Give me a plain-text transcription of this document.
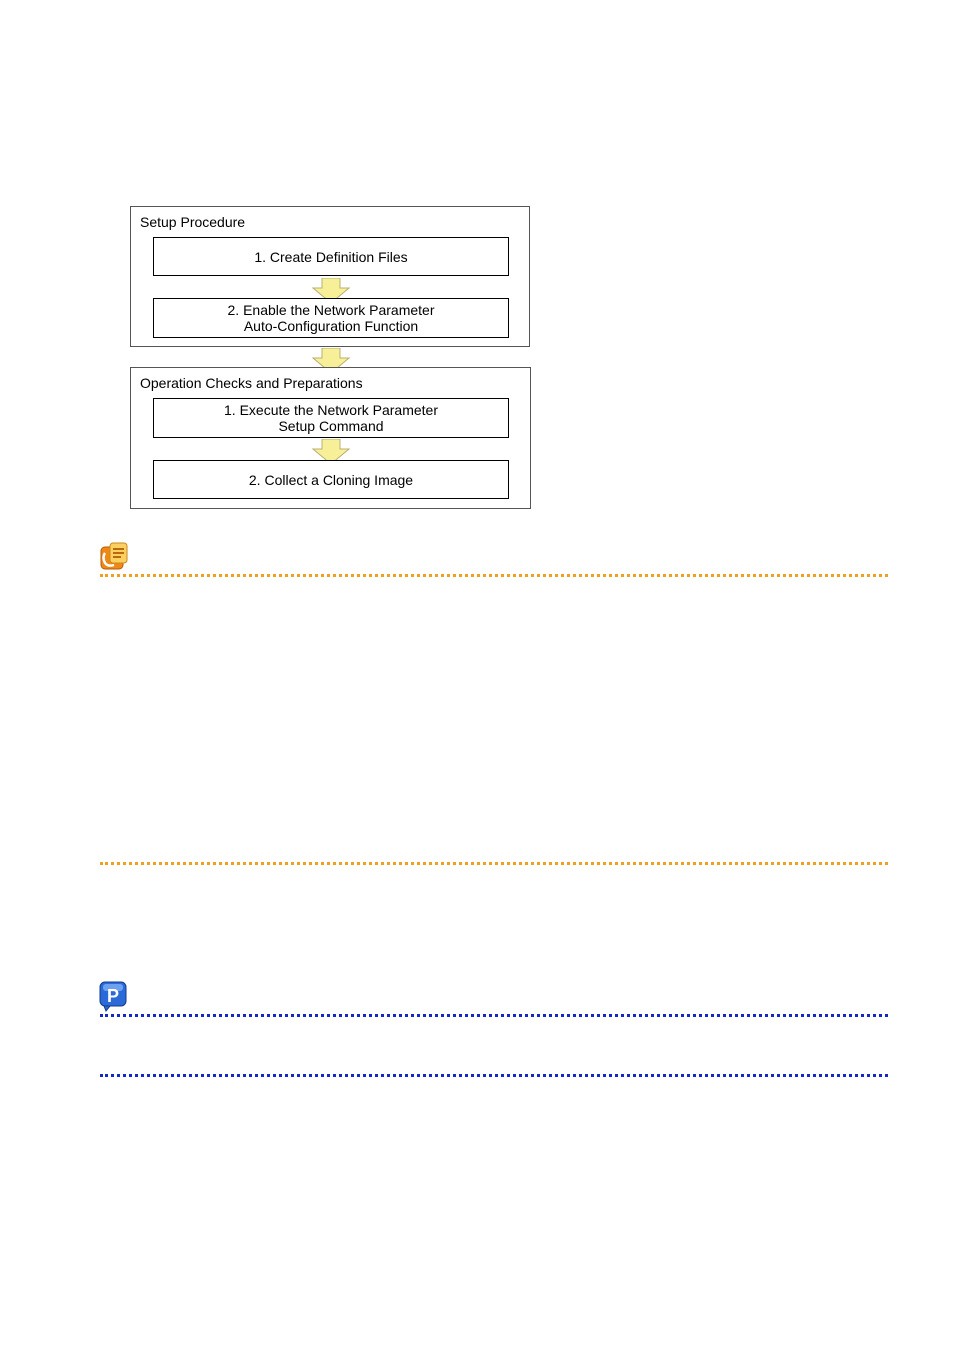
Setup Procedure
1. Create Definition Files
2. Enable the Network Parameter
Auto-Configuration Function
Operation Checks and Preparations
1. Execute the Network Parameter
Setup Command
2. Collect a Cloning Image
P
